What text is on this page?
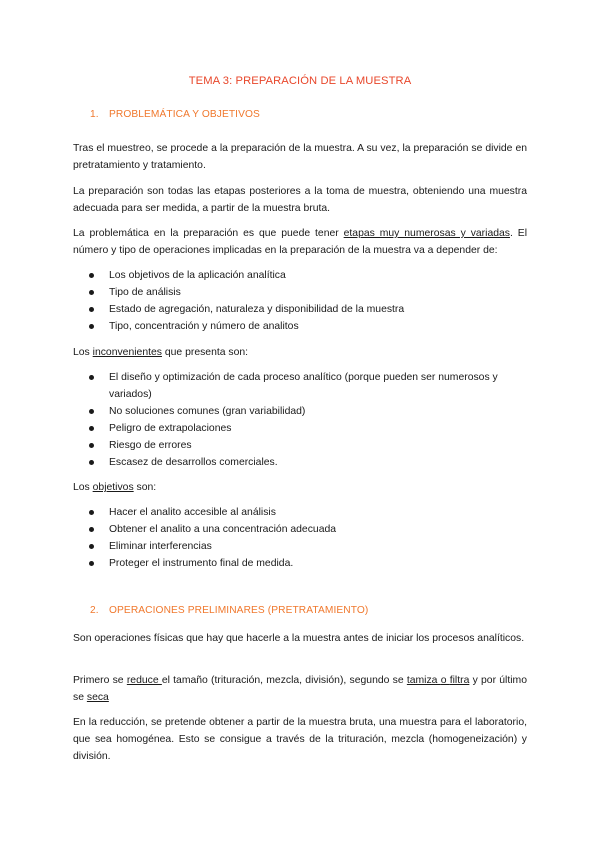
TEMA 3: PREPARACIÓN DE LA MUESTRA
1. PROBLEMÁTICA Y OBJETIVOS

Tras el muestreo, se procede a la preparación de la muestra. A su vez, la preparación se divide en pretratamiento y tratamiento.

La preparación son todas las etapas posteriores a la toma de muestra, obteniendo una muestra adecuada para ser medida, a partir de la muestra bruta.

La problemática en la preparación es que puede tener etapas muy numerosas y variadas. El número y tipo de operaciones implicadas en la preparación de la muestra va a depender de:

Los objetivos de la aplicación analítica
Tipo de análisis
Estado de agregación, naturaleza y disponibilidad de la muestra
Tipo, concentración y número de analitos

Los inconvenientes que presenta son:

El diseño y optimización de cada proceso analítico (porque pueden ser numerosos y variados)
No soluciones comunes (gran variabilidad)
Peligro de extrapolaciones
Riesgo de errores
Escasez de desarrollos comerciales.

Los objetivos son:

Hacer el analito accesible al análisis
Obtener el analito a una concentración adecuada
Eliminar interferencias
Proteger el instrumento final de medida.
2. OPERACIONES PRELIMINARES (PRETRATAMIENTO)

Son operaciones físicas que hay que hacerle a la muestra antes de iniciar los procesos analíticos.

Primero se reduce el tamaño (trituración, mezcla, división), segundo se tamiza o filtra y por último se seca

En la reducción, se pretende obtener a partir de la muestra bruta, una muestra para el laboratorio, que sea homogénea. Esto se consigue a través de la trituración, mezcla (homogeneización) y división.
